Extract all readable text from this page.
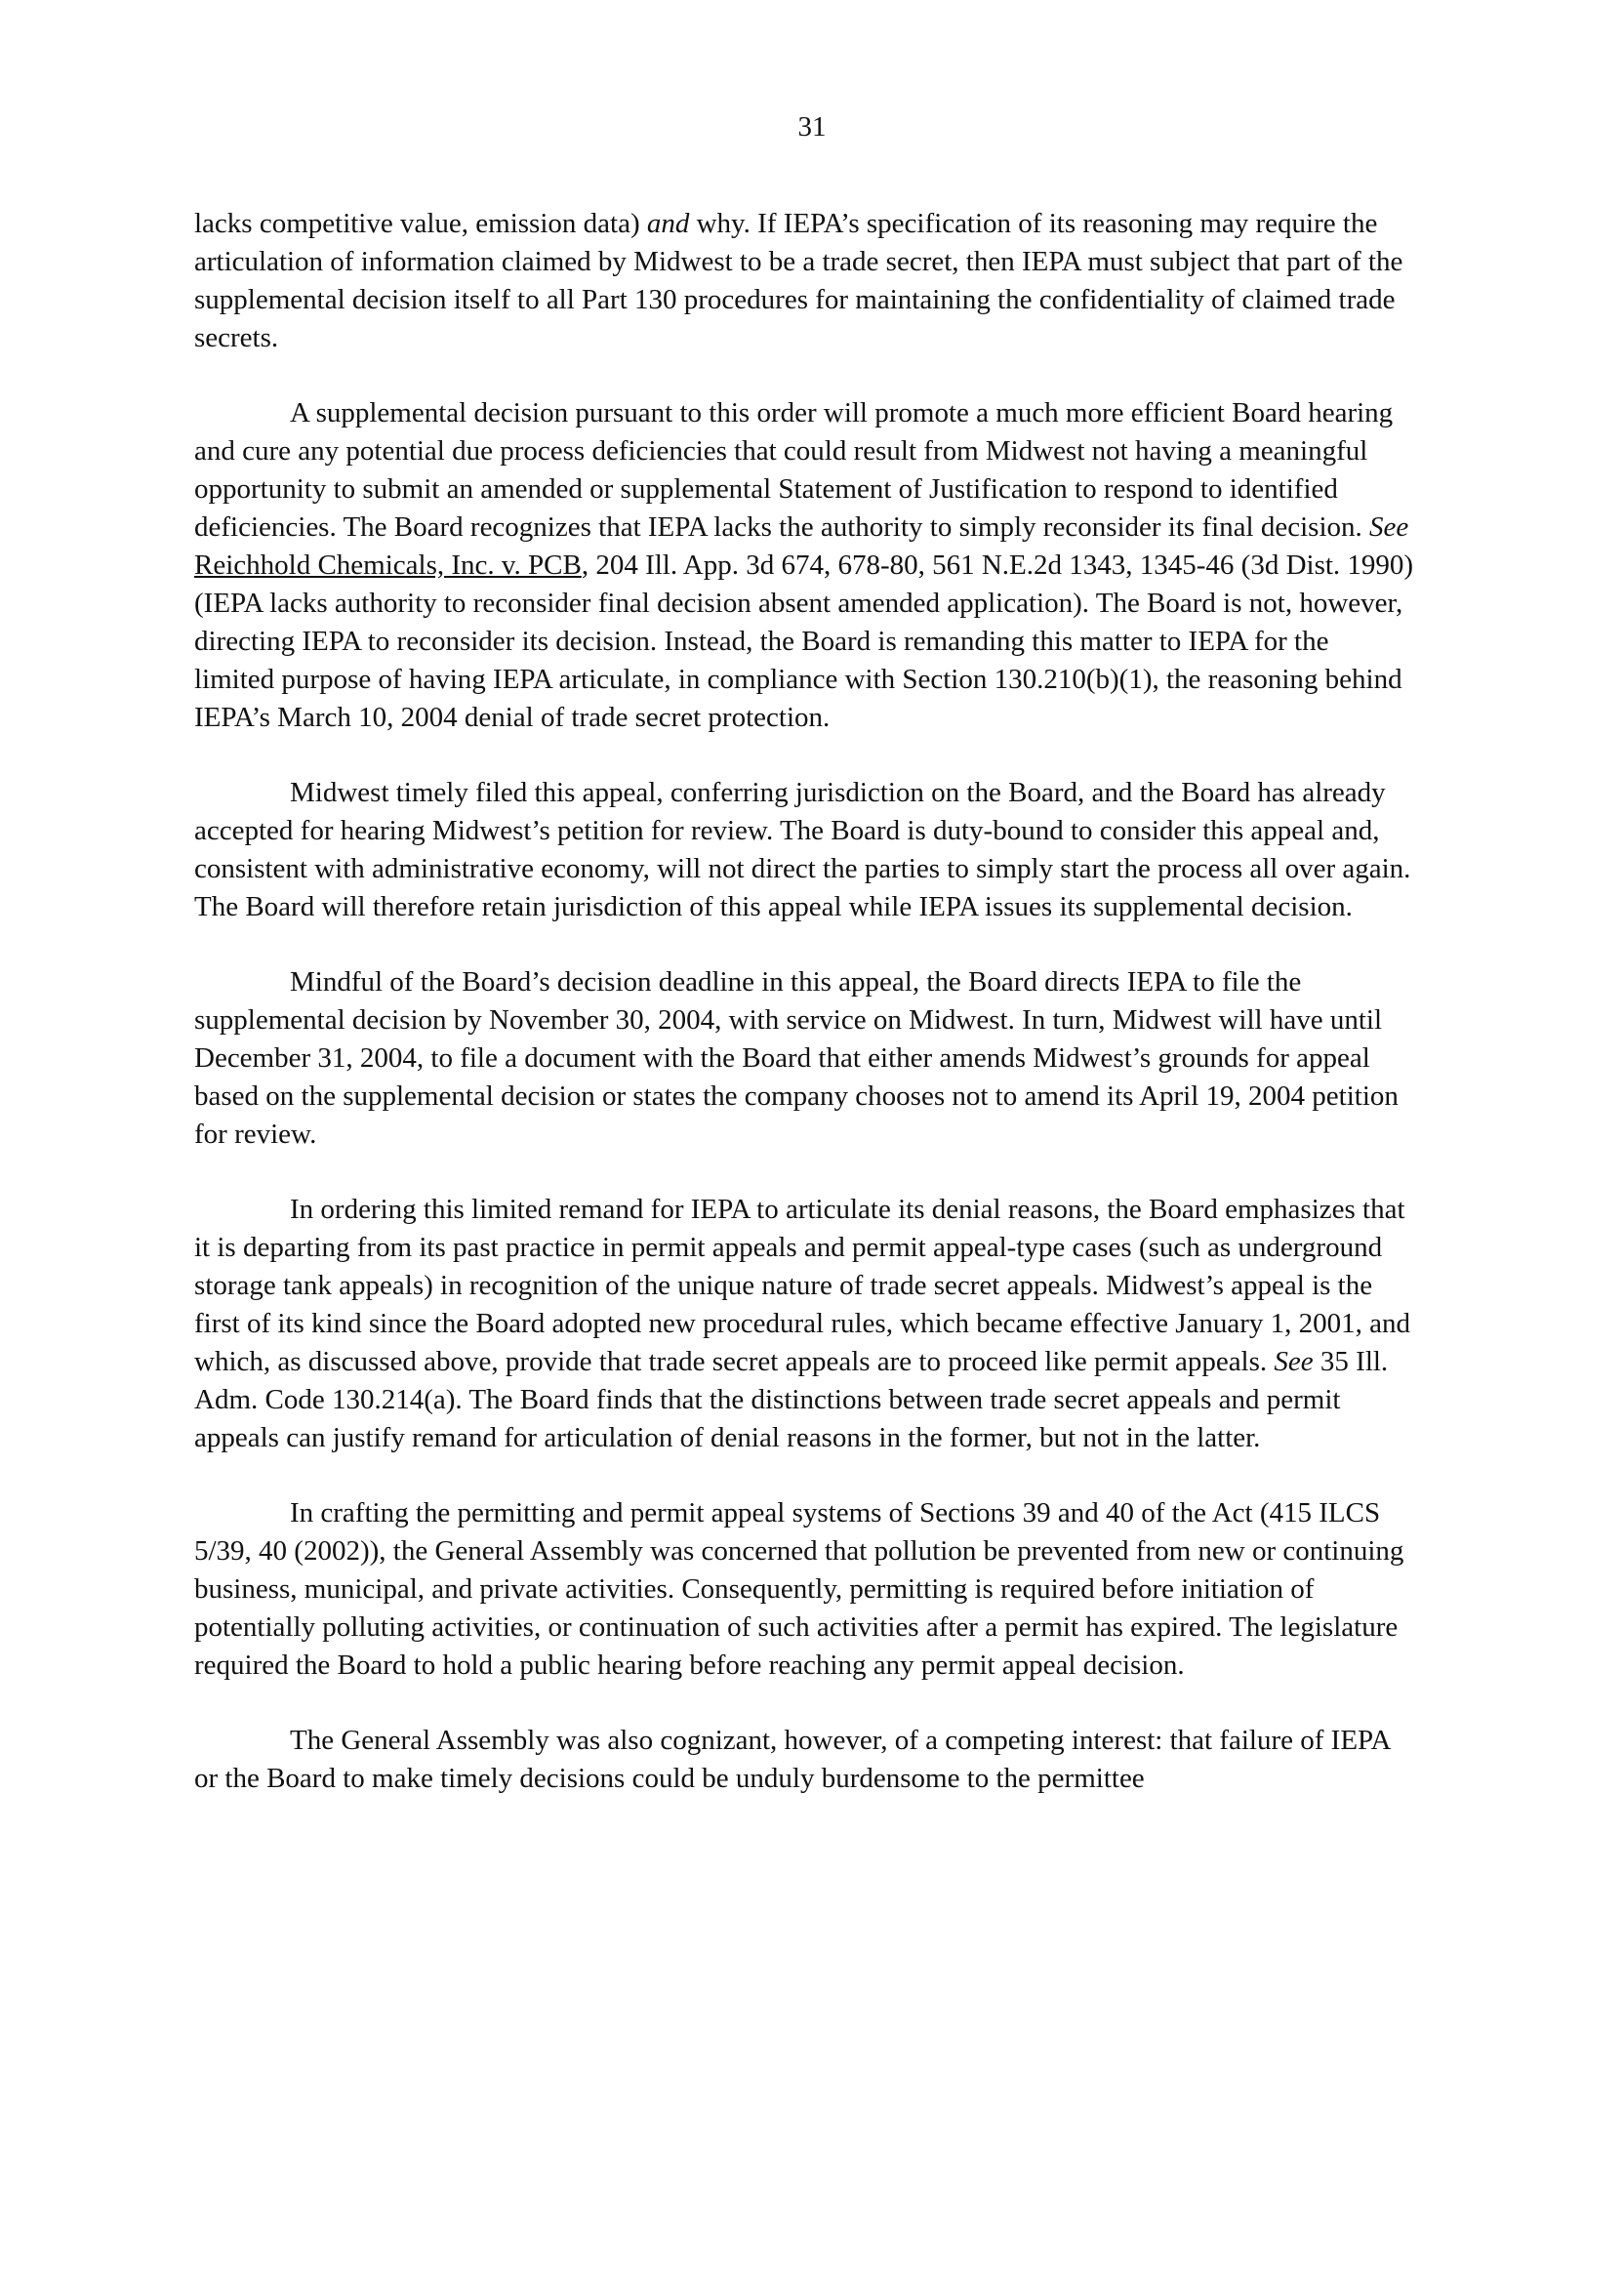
31

lacks competitive value, emission data) and why. If IEPA’s specification of its reasoning may require the articulation of information claimed by Midwest to be a trade secret, then IEPA must subject that part of the supplemental decision itself to all Part 130 procedures for maintaining the confidentiality of claimed trade secrets.

A supplemental decision pursuant to this order will promote a much more efficient Board hearing and cure any potential due process deficiencies that could result from Midwest not having a meaningful opportunity to submit an amended or supplemental Statement of Justification to respond to identified deficiencies. The Board recognizes that IEPA lacks the authority to simply reconsider its final decision. See Reichhold Chemicals, Inc. v. PCB, 204 Ill. App. 3d 674, 678-80, 561 N.E.2d 1343, 1345-46 (3d Dist. 1990) (IEPA lacks authority to reconsider final decision absent amended application). The Board is not, however, directing IEPA to reconsider its decision. Instead, the Board is remanding this matter to IEPA for the limited purpose of having IEPA articulate, in compliance with Section 130.210(b)(1), the reasoning behind IEPA’s March 10, 2004 denial of trade secret protection.

Midwest timely filed this appeal, conferring jurisdiction on the Board, and the Board has already accepted for hearing Midwest’s petition for review. The Board is duty-bound to consider this appeal and, consistent with administrative economy, will not direct the parties to simply start the process all over again. The Board will therefore retain jurisdiction of this appeal while IEPA issues its supplemental decision.

Mindful of the Board’s decision deadline in this appeal, the Board directs IEPA to file the supplemental decision by November 30, 2004, with service on Midwest. In turn, Midwest will have until December 31, 2004, to file a document with the Board that either amends Midwest’s grounds for appeal based on the supplemental decision or states the company chooses not to amend its April 19, 2004 petition for review.

In ordering this limited remand for IEPA to articulate its denial reasons, the Board emphasizes that it is departing from its past practice in permit appeals and permit appeal-type cases (such as underground storage tank appeals) in recognition of the unique nature of trade secret appeals. Midwest’s appeal is the first of its kind since the Board adopted new procedural rules, which became effective January 1, 2001, and which, as discussed above, provide that trade secret appeals are to proceed like permit appeals. See 35 Ill. Adm. Code 130.214(a). The Board finds that the distinctions between trade secret appeals and permit appeals can justify remand for articulation of denial reasons in the former, but not in the latter.

In crafting the permitting and permit appeal systems of Sections 39 and 40 of the Act (415 ILCS 5/39, 40 (2002)), the General Assembly was concerned that pollution be prevented from new or continuing business, municipal, and private activities. Consequently, permitting is required before initiation of potentially polluting activities, or continuation of such activities after a permit has expired. The legislature required the Board to hold a public hearing before reaching any permit appeal decision.

The General Assembly was also cognizant, however, of a competing interest: that failure of IEPA or the Board to make timely decisions could be unduly burdensome to the permittee
